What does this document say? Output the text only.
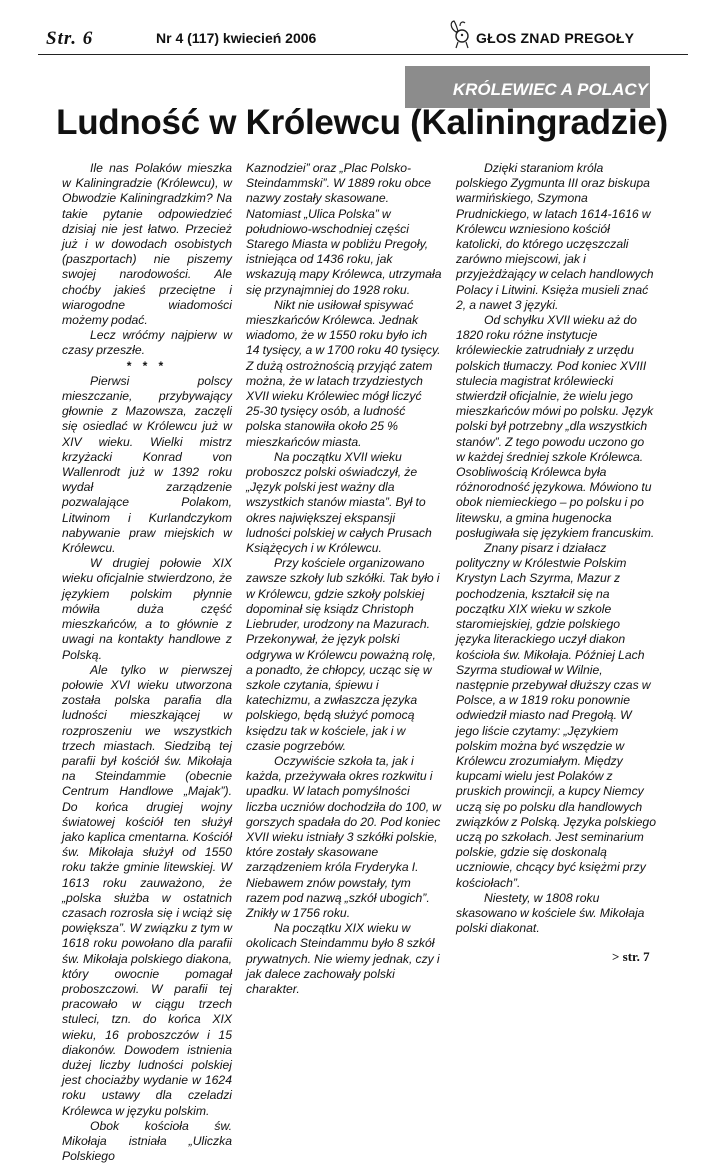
Str. 6	Nr 4 (117) kwiecień 2006	GŁOS ZNAD PREGOŁY
KRÓLEWIEC A POLACY
Ludność w Królewcu (Kaliningradzie)

Ile nas Polaków mieszka w Kaliningradzie (Królewcu), w Obwodzie Kaliningradzkim? Na takie pytanie odpowiedzieć dzisiaj nie jest łatwo. Przecież już i w dowodach osobistych (paszportach) nie piszemy swojej narodowości. Ale choćby jakieś przeciętne i wiarogodne wiadomości możemy podać.

Lecz wróćmy najpierw w czasy przeszłe.

* * *

Pierwsi polscy mieszczanie, przybywający głownie z Mazowsza, zaczęli się osiedlać w Królewcu już w XIV wieku. Wielki mistrz krzyżacki Konrad von Wallenrodt już w 1392 roku wydał zarządzenie pozwalające Polakom, Litwinom i Kurlandczykom nabywanie praw miejskich w Królewcu.

W drugiej połowie XIX wieku oficjalnie stwierdzono, że językiem polskim płynnie mówiła duża część mieszkańców, a to głównie z uwagi na kontakty handlowe z Polską.

Ale tylko w pierwszej połowie XVI wieku utworzona została polska parafia dla ludności mieszkającej w rozproszeniu we wszystkich trzech miastach. Siedzibą tej parafii był kościół św. Mikołaja na Steindammie (obecnie Centrum Handlowe „Majak”). Do końca drugiej wojny światowej kościół ten służył jako kaplica cmentarna. Kościół św. Mikołaja służył od 1550 roku także gminie litewskiej. W 1613 roku zauważono, że „polska służba w ostatnich czasach rozrosła się i wciąż się powiększa”. W związku z tym w 1618 roku powołano dla parafii św. Mikołaja polskiego diakona, który owocnie pomagał proboszczowi. W parafii tej pracowało w ciągu trzech stuleci, tzn. do końca XIX wieku, 16 proboszczów i 15 diakonów. Dowodem istnienia dużej liczby ludności polskiej jest chociażby wydanie w 1624 roku ustawy dla czeladzi Królewca w języku polskim.

Obok kościoła św. Mikołaja istniała „Uliczka Polskiego

Kaznodziei” oraz „Plac Polsko-Steindammski”. W 1889 roku obce nazwy zostały skasowane. Natomiast „Ulica Polska” w południowo-wschodniej części Starego Miasta w pobliżu Pregoły, istniejąca od 1436 roku, jak wskazują mapy Królewca, utrzymała się przynajmniej do 1928 roku.

Nikt nie usiłował spisywać mieszkańców Królewca. Jednak wiadomo, że w 1550 roku było ich 14 tysięcy, a w 1700 roku 40 tysięcy. Z dużą ostrożnością przyjąć zatem można, że w latach trzydziestych XVII wieku Królewiec mógł liczyć 25-30 tysięcy osób, a ludność polska stanowiła około 25 % mieszkańców miasta.

Na początku XVII wieku proboszcz polski oświadczył, że „Język polski jest ważny dla wszystkich stanów miasta”. Był to okres największej ekspansji ludności polskiej w całych Prusach Książęcych i w Królewcu.

Przy kościele organizowano zawsze szkoły lub szkółki. Tak było i w Królewcu, gdzie szkoły polskiej dopominał się ksiądz Christoph Liebruder, urodzony na Mazurach. Przekonywał, że język polski odgrywa w Królewcu poważną rolę, a ponadto, że chłopcy, ucząc się w szkole czytania, śpiewu i katechizmu, a zwłaszcza języka polskiego, będą służyć pomocą księdzu tak w kościele, jak i w czasie pogrzebów.

Oczywiście szkoła ta, jak i każda, przeżywała okres rozkwitu i upadku. W latach pomyślności liczba uczniów dochodziła do 100, w gorszych spadała do 20. Pod koniec XVII wieku istniały 3 szkółki polskie, które zostały skasowane zarządzeniem króla Fryderyka I. Niebawem znów powstały, tym razem pod nazwą „szkół ubogich”. Znikły w 1756 roku.

Na początku XIX wieku w okolicach Steindammu było 8 szkół prywatnych. Nie wiemy jednak, czy i jak dalece zachowały polski charakter.

Dzięki staraniom króla polskiego Zygmunta III oraz biskupa warmińskiego, Szymona Prudnickiego, w latach 1614-1616 w Królewcu wzniesiono kościół katolicki, do którego uczęszczali zarówno miejscowi, jak i przyjeżdżający w celach handlowych Polacy i Litwini. Księża musieli znać 2, a nawet 3 języki.

Od schyłku XVII wieku aż do 1820 roku różne instytucje królewieckie zatrudniały z urzędu polskich tłumaczy. Pod koniec XVIII stulecia magistrat królewiecki stwierdził oficjalnie, że wielu jego mieszkańców mówi po polsku. Język polski był potrzebny „dla wszystkich stanów”. Z tego powodu uczono go w każdej średniej szkole Królewca. Osobliwością Królewca była różnorodność językowa. Mówiono tu obok niemieckiego – po polsku i po litewsku, a gmina hugenocka posługiwała się językiem francuskim.

Znany pisarz i działacz polityczny w Królestwie Polskim Krystyn Lach Szyrma, Mazur z pochodzenia, kształcił się na początku XIX wieku w szkole staromiejskiej, gdzie polskiego języka literackiego uczył diakon kościoła św. Mikołaja. Później Lach Szyrma studiował w Wilnie, następnie przebywał dłuższy czas w Polsce, a w 1819 roku ponownie odwiedził miasto nad Pregołą. W jego liście czytamy: „Językiem polskim można być wszędzie w Królewcu zrozumiałym. Między kupcami wielu jest Polaków z pruskich prowincji, a kupcy Niemcy uczą się po polsku dla handlowych związków z Polską. Języka polskiego uczą po szkołach. Jest seminarium polskie, gdzie się doskonalą uczniowie, chcący być księżmi przy kościołach”.

Niestety, w 1808 roku skasowano w kościele św. Mikołaja polski diakonat.

> str. 7
